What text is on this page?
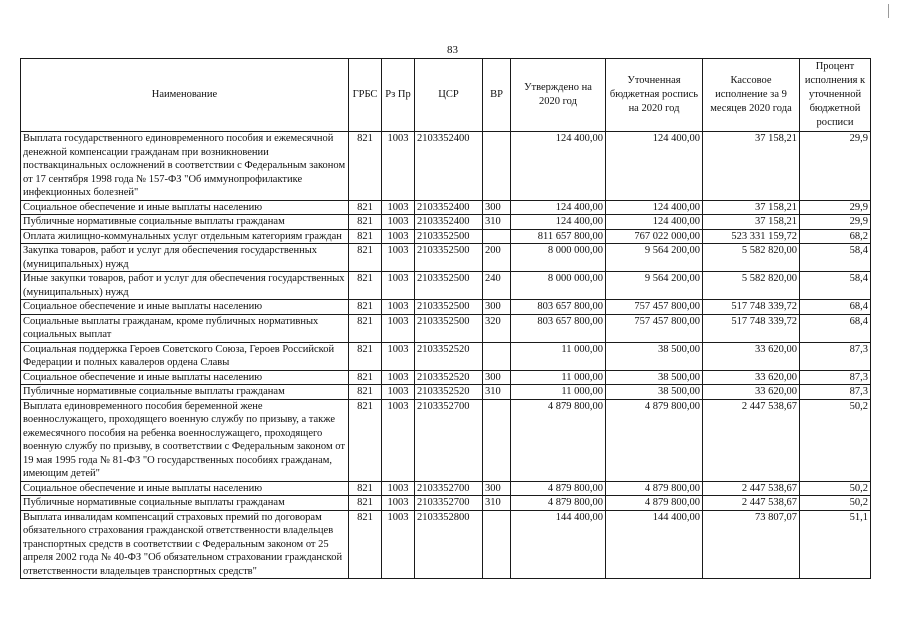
83
Наименование	ГРБС	Рз Пр	ЦСР	ВР	Утверждено на 2020 год	Уточненная бюджетная роспись на 2020 год	Кассовое исполнение за 9 месяцев 2020 года	Процент исполнения к уточненной бюджетной росписи
Выплата государственного единовременного пособия и ежемесячной денежной компенсации гражданам при возникновении поствакцинальных осложнений в соответствии с Федеральным законом от 17 сентября 1998 года № 157-ФЗ "Об иммунопрофилактике инфекционных болезней"	821	1003	2103352400		124 400,00	124 400,00	37 158,21	29,9
Социальное обеспечение и иные выплаты населению	821	1003	2103352400	300	124 400,00	124 400,00	37 158,21	29,9
Публичные нормативные социальные выплаты гражданам	821	1003	2103352400	310	124 400,00	124 400,00	37 158,21	29,9
Оплата жилищно-коммунальных услуг отдельным категориям граждан	821	1003	2103352500		811 657 800,00	767 022 000,00	523 331 159,72	68,2
Закупка товаров, работ и услуг для обеспечения государственных (муниципальных) нужд	821	1003	2103352500	200	8 000 000,00	9 564 200,00	5 582 820,00	58,4
Иные закупки товаров, работ и услуг для обеспечения государственных (муниципальных) нужд	821	1003	2103352500	240	8 000 000,00	9 564 200,00	5 582 820,00	58,4
Социальное обеспечение и иные выплаты населению	821	1003	2103352500	300	803 657 800,00	757 457 800,00	517 748 339,72	68,4
Социальные выплаты гражданам, кроме публичных нормативных социальных выплат	821	1003	2103352500	320	803 657 800,00	757 457 800,00	517 748 339,72	68,4
Социальная поддержка Героев Советского Союза, Героев Российской Федерации и полных кавалеров ордена Славы	821	1003	2103352520		11 000,00	38 500,00	33 620,00	87,3
Социальное обеспечение и иные выплаты населению	821	1003	2103352520	300	11 000,00	38 500,00	33 620,00	87,3
Публичные нормативные социальные выплаты гражданам	821	1003	2103352520	310	11 000,00	38 500,00	33 620,00	87,3
Выплата единовременного пособия беременной жене военнослужащего, проходящего военную службу по призыву, а также ежемесячного пособия на ребенка военнослужащего, проходящего военную службу по призыву, в соответствии с Федеральным законом от 19 мая 1995 года № 81-ФЗ "О государственных пособиях гражданам, имеющим детей"	821	1003	2103352700		4 879 800,00	4 879 800,00	2 447 538,67	50,2
Социальное обеспечение и иные выплаты населению	821	1003	2103352700	300	4 879 800,00	4 879 800,00	2 447 538,67	50,2
Публичные нормативные социальные выплаты гражданам	821	1003	2103352700	310	4 879 800,00	4 879 800,00	2 447 538,67	50,2
Выплата инвалидам компенсаций страховых премий по договорам обязательного страхования гражданской ответственности владельцев транспортных средств в соответствии с Федеральным законом от 25 апреля 2002 года № 40-ФЗ "Об обязательном страховании гражданской ответственности владельцев транспортных средств"	821	1003	2103352800		144 400,00	144 400,00	73 807,07	51,1
